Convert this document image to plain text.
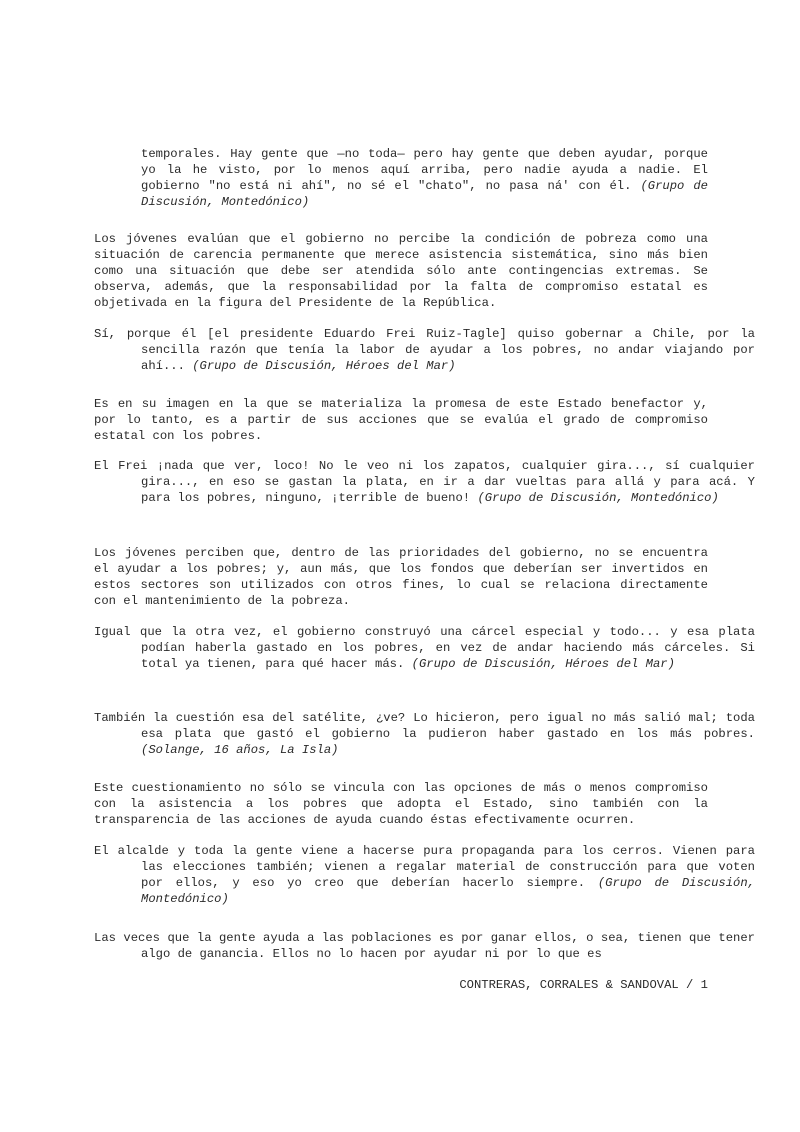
temporales. Hay gente que —no toda— pero hay gente que deben ayudar, porque yo la he visto, por lo menos aquí arriba, pero nadie ayuda a nadie. El gobierno "no está ni ahí", no sé el "chato", no pasa ná' con él. (Grupo de Discusión, Montedónico)

Los jóvenes evalúan que el gobierno no percibe la condición de pobreza como una situación de carencia permanente que merece asistencia sistemática, sino más bien como una situación que debe ser atendida sólo ante contingencias extremas. Se observa, además, que la responsabilidad por la falta de compromiso estatal es objetivada en la figura del Presidente de la República.

Sí, porque él [el presidente Eduardo Frei Ruiz-Tagle] quiso gobernar a Chile, por la sencilla razón que tenía la labor de ayudar a los pobres, no andar viajando por ahí... (Grupo de Discusión, Héroes del Mar)

Es en su imagen en la que se materializa la promesa de este Estado benefactor y, por lo tanto, es a partir de sus acciones que se evalúa el grado de compromiso estatal con los pobres.

El Frei ¡nada que ver, loco! No le veo ni los zapatos, cualquier gira..., sí cualquier gira..., en eso se gastan la plata, en ir a dar vueltas para allá y para acá. Y para los pobres, ninguno, ¡terrible de bueno! (Grupo de Discusión, Montedónico)

Los jóvenes perciben que, dentro de las prioridades del gobierno, no se encuentra el ayudar a los pobres; y, aun más, que los fondos que deberían ser invertidos en estos sectores son utilizados con otros fines, lo cual se relaciona directamente con el mantenimiento de la pobreza.

Igual que la otra vez, el gobierno construyó una cárcel especial y todo... y esa plata podían haberla gastado en los pobres, en vez de andar haciendo más cárceles. Si total ya tienen, para qué hacer más. (Grupo de Discusión, Héroes del Mar)

También la cuestión esa del satélite, ¿ve? Lo hicieron, pero igual no más salió mal; toda esa plata que gastó el gobierno la pudieron haber gastado en los más pobres. (Solange, 16 años, La Isla)

Este cuestionamiento no sólo se vincula con las opciones de más o menos compromiso con la asistencia a los pobres que adopta el Estado, sino también con la transparencia de las acciones de ayuda cuando éstas efectivamente ocurren.

El alcalde y toda la gente viene a hacerse pura propaganda para los cerros. Vienen para las elecciones también; vienen a regalar material de construcción para que voten por ellos, y eso yo creo que deberían hacerlo siempre. (Grupo de Discusión, Montedónico)

Las veces que la gente ayuda a las poblaciones es por ganar ellos, o sea, tienen que tener algo de ganancia. Ellos no lo hacen por ayudar ni por lo que es

CONTRERAS, CORRALES & SANDOVAL / 1
